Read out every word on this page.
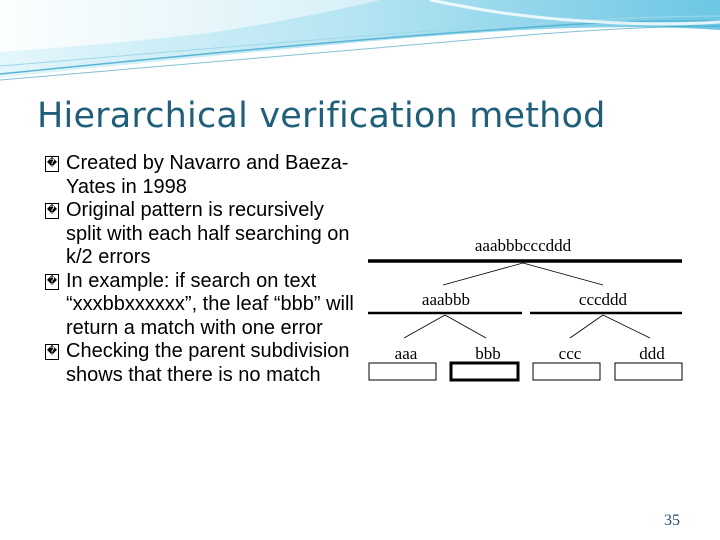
Hierarchical verification method
� Created by Navarro and Baeza-Yates in 1998
� Original pattern is recursively split with each half searching on k/2 errors
� In example: if search on text “xxxbbxxxxxx”, the leaf “bbb” will return a match with one error
� Checking the parent subdivision shows that there is no match
aaabbbcccddd
aaabbb	cccddd
aaa	bbb	ccc	ddd
35
